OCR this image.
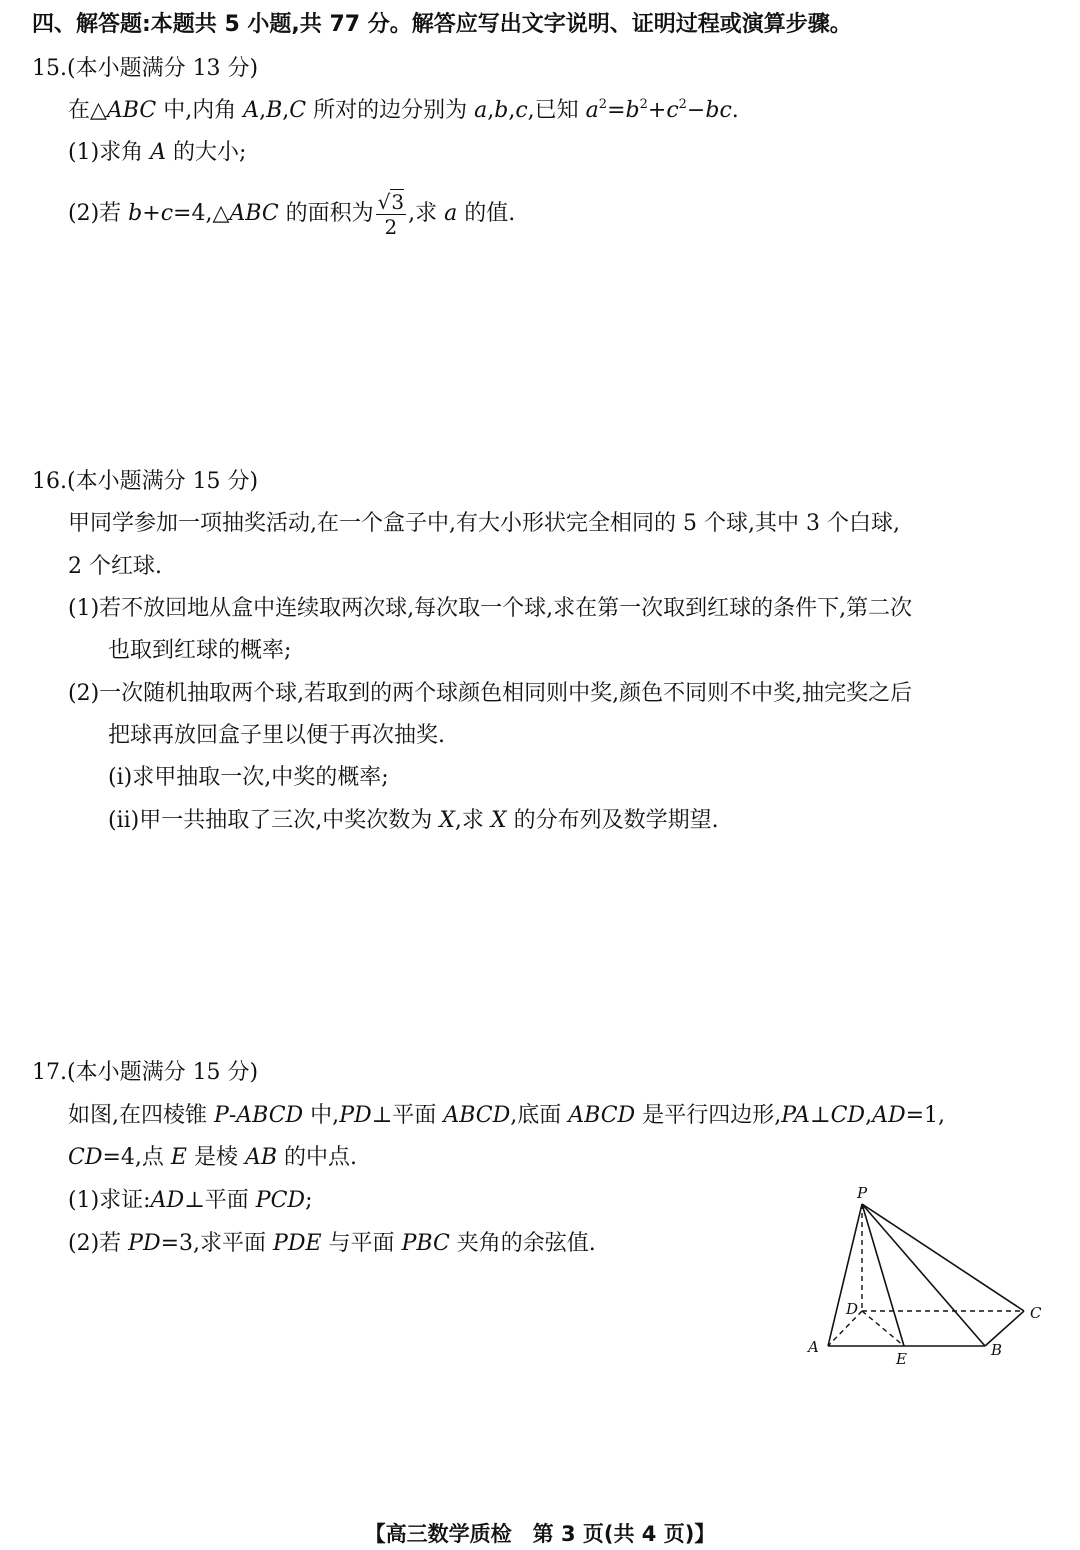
四、解答题:本题共 5 小题,共 77 分。解答应写出文字说明、证明过程或演算步骤。
15.(本小题满分 13 分)
在△ABC 中,内角 A,B,C 所对的边分别为 a,b,c,已知 $a^2=b^2+c^2-bc$.
(1)求角 A 的大小;
(2)若 b+c=4,△ABC 的面积为 $\frac{√3}{2}$ ,求 a 的值.
16.(本小题满分 15 分)
甲同学参加一项抽奖活动,在一个盒子中,有大小形状完全相同的 5 个球,其中 3 个白球,
2 个红球.
(1)若不放回地从盒中连续取两次球,每次取一个球,求在第一次取到红球的条件下,第二次
也取到红球的概率;
(2)一次随机抽取两个球,若取到的两个球颜色相同则中奖,颜色不同则不中奖,抽完奖之后
把球再放回盒子里以便于再次抽奖.
(ⅰ)求甲抽取一次,中奖的概率;
(ⅱ)甲一共抽取了三次,中奖次数为 X,求 X 的分布列及数学期望.
17.(本小题满分 15 分)
如图,在四棱锥 P-ABCD 中,PD⊥平面 ABCD,底面 ABCD 是平行四边形,PA⊥CD,AD=1,
CD=4,点 E 是棱 AB 的中点.
(1)求证:AD⊥平面 PCD;
(2)若 PD=3,求平面 PDE 与平面 PBC 夹角的余弦值.
P
D	C
A
E	B
【高三数学质检　第 3 页(共 4 页)】
